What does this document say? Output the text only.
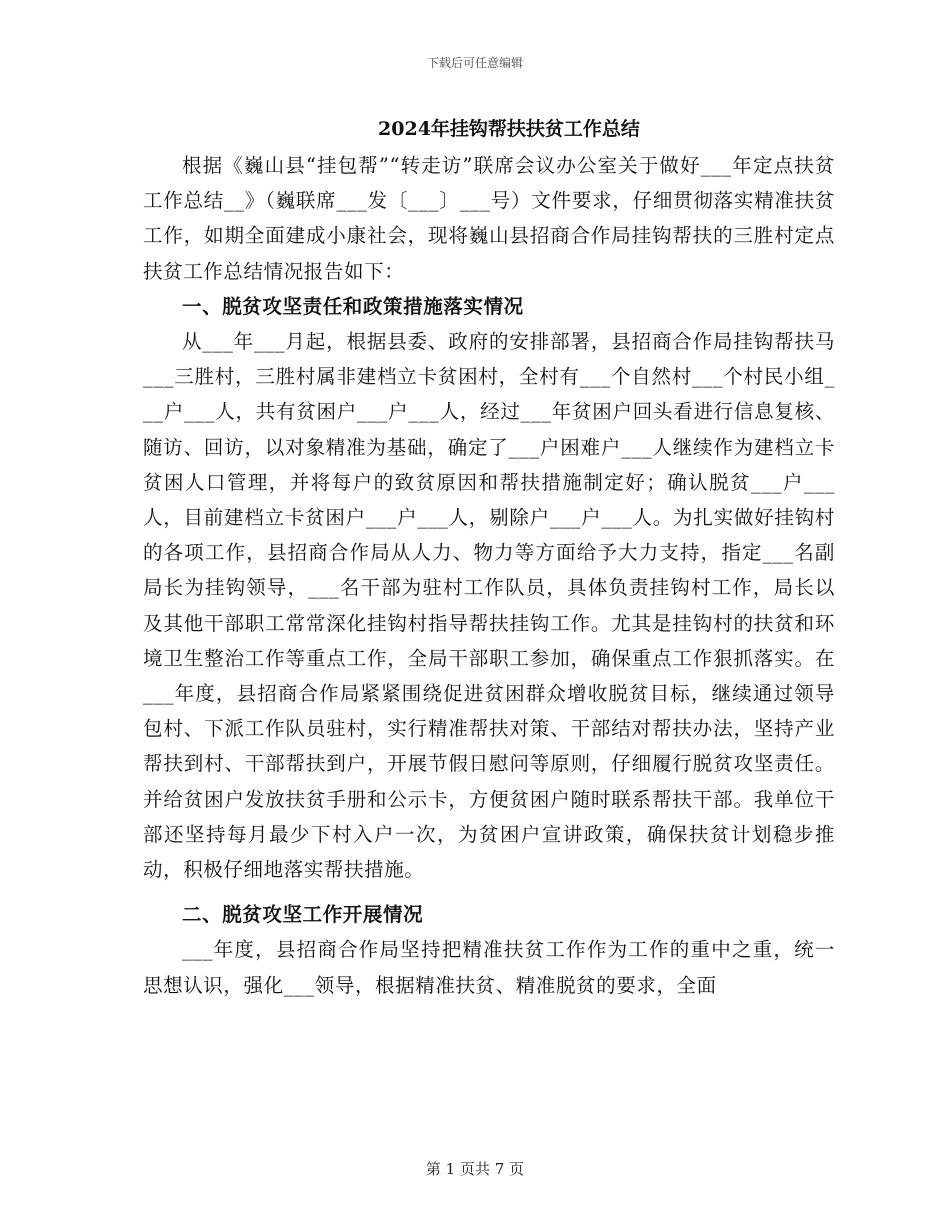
下载后可任意编辑
2024年挂钩帮扶扶贫工作总结

根据《巍山县“挂包帮”“转走访”联席会议办公室关于做好___年定点扶贫工作总结__》（巍联席___发〔___〕___号）文件要求，仔细贯彻落实精准扶贫工作，如期全面建成小康社会，现将巍山县招商合作局挂钩帮扶的三胜村定点扶贫工作总结情况报告如下：

一、脱贫攻坚责任和政策措施落实情况

从___年___月起，根据县委、政府的安排部署，县招商合作局挂钩帮扶马___三胜村，三胜村属非建档立卡贫困村，全村有___个自然村___个村民小组___户___人，共有贫困户___户___人，经过___年贫困户回头看进行信息复核、随访、回访，以对象精准为基础，确定了___户困难户___人继续作为建档立卡贫困人口管理，并将每户的致贫原因和帮扶措施制定好；确认脱贫___户___人，目前建档立卡贫困户___户___人，剔除户___户___人。为扎实做好挂钩村的各项工作，县招商合作局从人力、物力等方面给予大力支持，指定___名副局长为挂钩领导，___名干部为驻村工作队员，具体负责挂钩村工作，局长以及其他干部职工常常深化挂钩村指导帮扶挂钩工作。尤其是挂钩村的扶贫和环境卫生整治工作等重点工作，全局干部职工参加，确保重点工作狠抓落实。在___年度，县招商合作局紧紧围绕促进贫困群众增收脱贫目标，继续通过领导包村、下派工作队员驻村，实行精准帮扶对策、干部结对帮扶办法，坚持产业帮扶到村、干部帮扶到户，开展节假日慰问等原则，仔细履行脱贫攻坚责任。并给贫困户发放扶贫手册和公示卡，方便贫困户随时联系帮扶干部。我单位干部还坚持每月最少下村入户一次，为贫困户宣讲政策，确保扶贫计划稳步推动，积极仔细地落实帮扶措施。

二、脱贫攻坚工作开展情况

___年度，县招商合作局坚持把精准扶贫工作作为工作的重中之重，统一思想认识，强化___领导，根据精准扶贫、精准脱贫的要求，全面

第 1 页共 7 页
